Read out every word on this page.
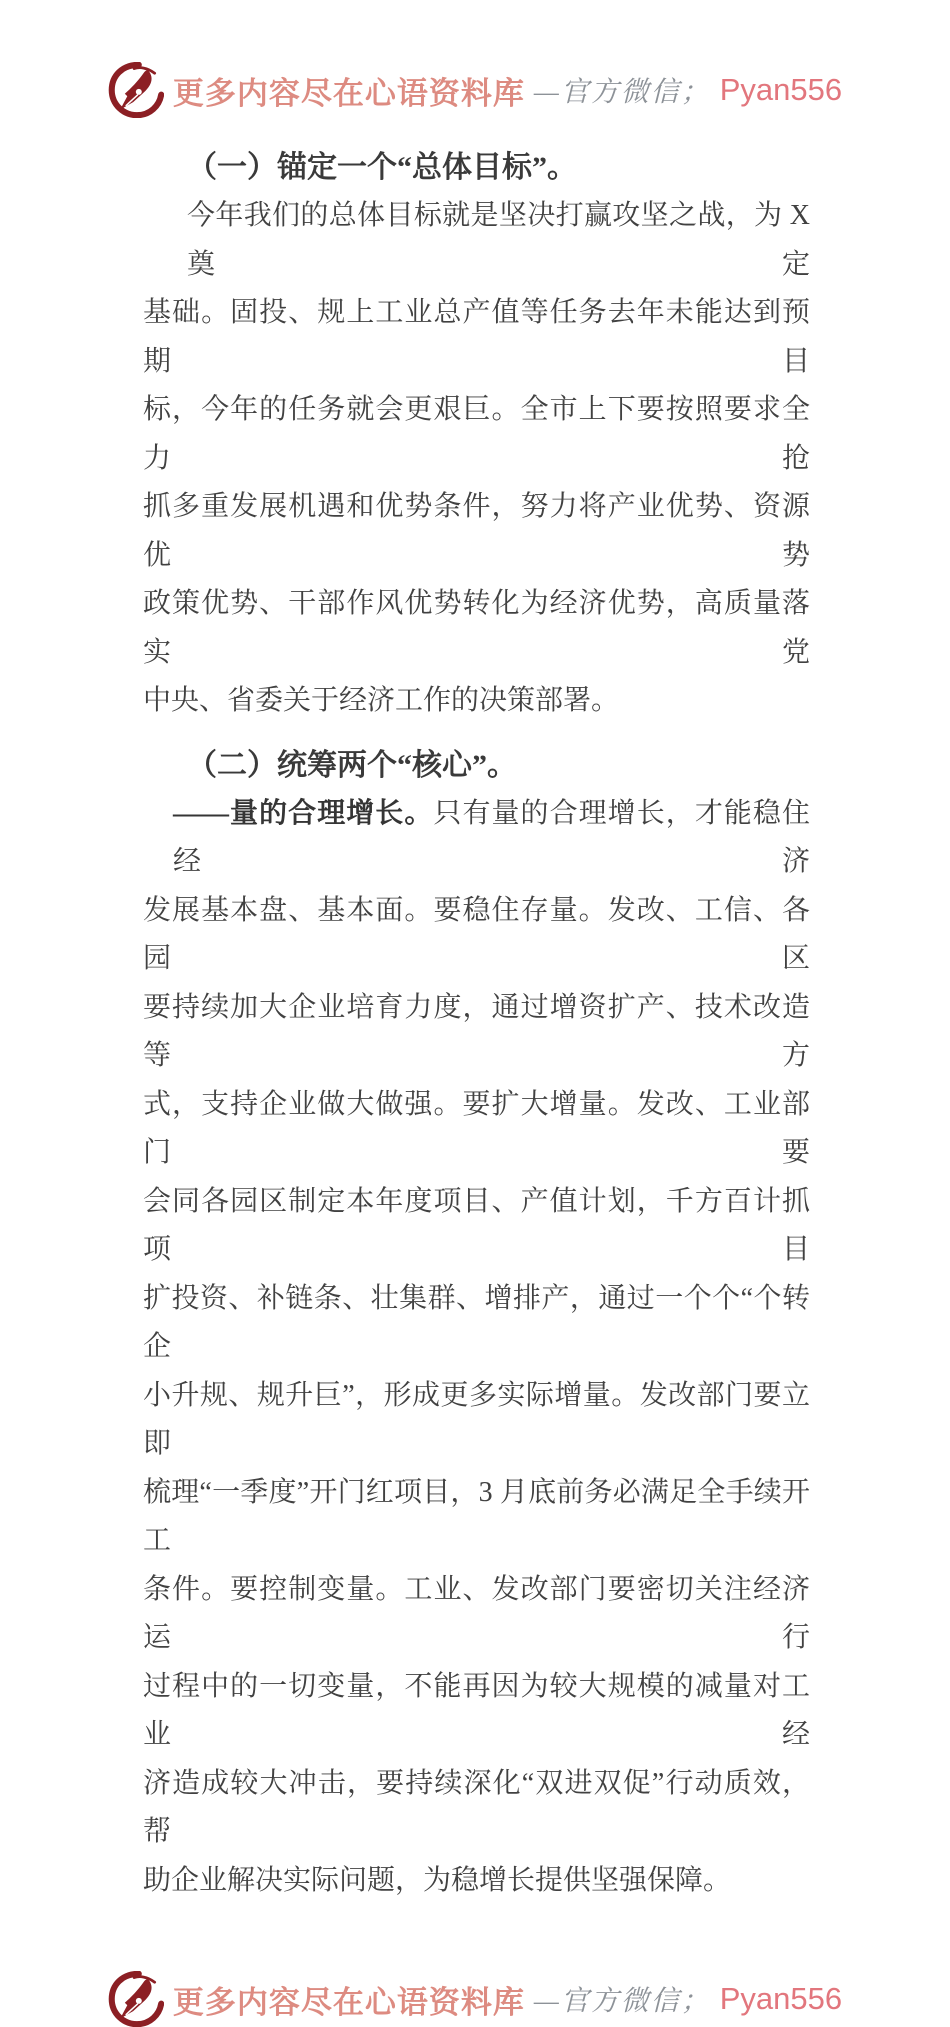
更多内容尽在心语资料库 —官方微信； Pyan556
（一）锚定一个“总体目标”。
今年我们的总体目标就是坚决打赢攻坚之战，为 X 奠定
基础。固投、规上工业总产值等任务去年未能达到预期目
标，今年的任务就会更艰巨。全市上下要按照要求全力抢
抓多重发展机遇和优势条件，努力将产业优势、资源优势
政策优势、干部作风优势转化为经济优势，高质量落实党
中央、省委关于经济工作的决策部署。
（二）统筹两个“核心”。
——量的合理增长。只有量的合理增长，才能稳住经济
发展基本盘、基本面。要稳住存量。发改、工信、各园区
要持续加大企业培育力度，通过增资扩产、技术改造等方
式，支持企业做大做强。要扩大增量。发改、工业部门要
会同各园区制定本年度项目、产值计划，千方百计抓项目
扩投资、补链条、壮集群、增排产，通过一个个“个转企
小升规、规升巨”，形成更多实际增量。发改部门要立即
梳理“一季度”开门红项目，3 月底前务必满足全手续开工
条件。要控制变量。工业、发改部门要密切关注经济运行
过程中的一切变量，不能再因为较大规模的减量对工业经
济造成较大冲击，要持续深化“双进双促”行动质效，帮
助企业解决实际问题，为稳增长提供坚强保障。
更多内容尽在心语资料库 —官方微信； Pyan556
